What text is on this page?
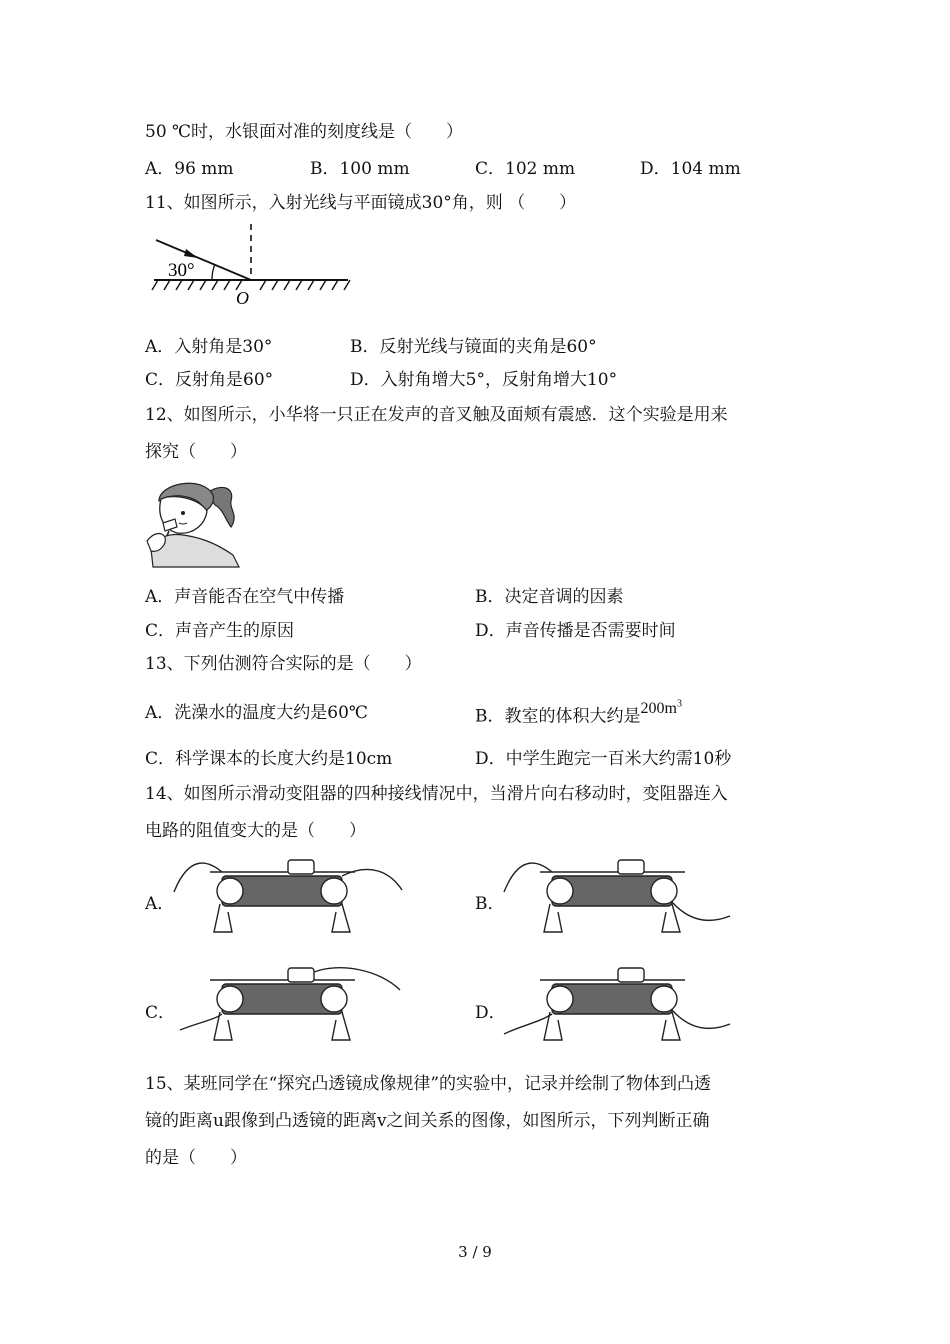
50 ℃时，水银面对准的刻度线是（　　）
A．96 mm	B．100 mm	C．102 mm	D．104 mm
11、如图所示，入射光线与平面镜成30°角，则 （　　）
30°
O
A．入射角是30°	B．反射光线与镜面的夹角是60°
C．反射角是60°	D．入射角增大5°，反射角增大10°
12、如图所示，小华将一只正在发声的音叉触及面颊有震感．这个实验是用来
探究（　　）
A．声音能否在空气中传播	B．决定音调的因素
C．声音产生的原因	D．声音传播是否需要时间
13、下列估测符合实际的是（　　）
A．洗澡水的温度大约是60℃	B．教室的体积大约是$200m^3$
C．科学课本的长度大约是10cm	D．中学生跑完一百米大约需10秒
14、如图所示滑动变阻器的四种接线情况中，当滑片向右移动时，变阻器连入
电路的阻值变大的是（　　）
A．	B．
C．	D．
15、某班同学在“探究凸透镜成像规律”的实验中，记录并绘制了物体到凸透
镜的距离u跟像到凸透镜的距离v之间关系的图像，如图所示，下列判断正确
的是（　　）
3 / 9
